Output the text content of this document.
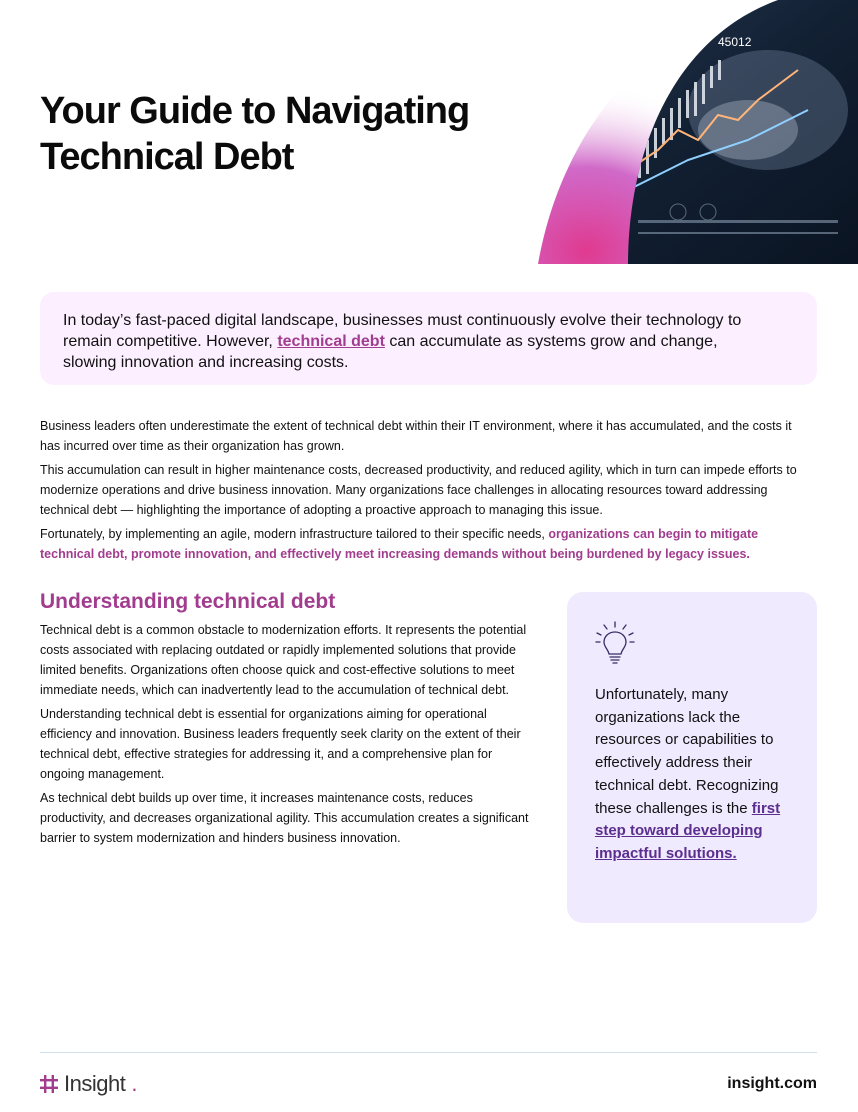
Your Guide to Navigating
Technical Debt
45012
In today’s fast-paced digital landscape, businesses must continuously evolve their technology to remain competitive. However, technical debt can accumulate as systems grow and change, slowing innovation and increasing costs.

Business leaders often underestimate the extent of technical debt within their IT environment, where it has accumulated, and the costs it has incurred over time as their organization has grown.

This accumulation can result in higher maintenance costs, decreased productivity, and reduced agility, which in turn can impede efforts to modernize operations and drive business innovation. Many organizations face challenges in allocating resources toward addressing technical debt — highlighting the importance of adopting a proactive approach to managing this issue.

Fortunately, by implementing an agile, modern infrastructure tailored to their specific needs, organizations can begin to mitigate technical debt, promote innovation, and effectively meet increasing demands without being burdened by legacy issues.

Understanding technical debt

Technical debt is a common obstacle to modernization efforts. It represents the potential costs associated with replacing outdated or rapidly implemented solutions that provide limited benefits. Organizations often choose quick and cost-effective solutions to meet immediate needs, which can inadvertently lead to the accumulation of technical debt.

Understanding technical debt is essential for organizations aiming for operational efficiency and innovation. Business leaders frequently seek clarity on the extent of their technical debt, effective strategies for addressing it, and a comprehensive plan for ongoing management.

As technical debt builds up over time, it increases maintenance costs, reduces productivity, and decreases organizational agility. This accumulation creates a significant barrier to system modernization and hinders business innovation.

Unfortunately, many organizations lack the resources or capabilities to effectively address their technical debt. Recognizing these challenges is the first step toward developing impactful solutions.

Insight .	insight.com
